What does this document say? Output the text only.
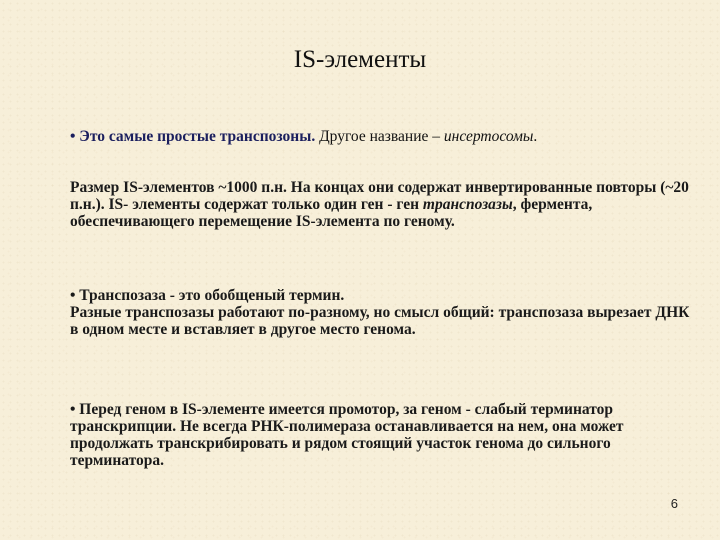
IS-элементы
• Это самые простые транспозоны. Другое название – инсертосомы.
Размер IS-элементов ~1000 п.н. На концах они содержат инвертированные повторы (~20 п.н.). IS- элементы содержат только один ген - ген транспозазы, фермента, обеспечивающего перемещение IS-элемента по геному.
• Транспозаза - это обобщеный термин.
Разные транспозазы работают по-разному, но смысл общий: транспозаза вырезает ДНК в одном месте и вставляет в другое место генома.
• Перед геном в IS-элементе имеется промотор, за геном - слабый терминатор транскрипции. Не всегда РНК-полимераза останавливается на нем, она может продолжать транскрибировать и рядом стоящий участок генома до сильного терминатора.
6
